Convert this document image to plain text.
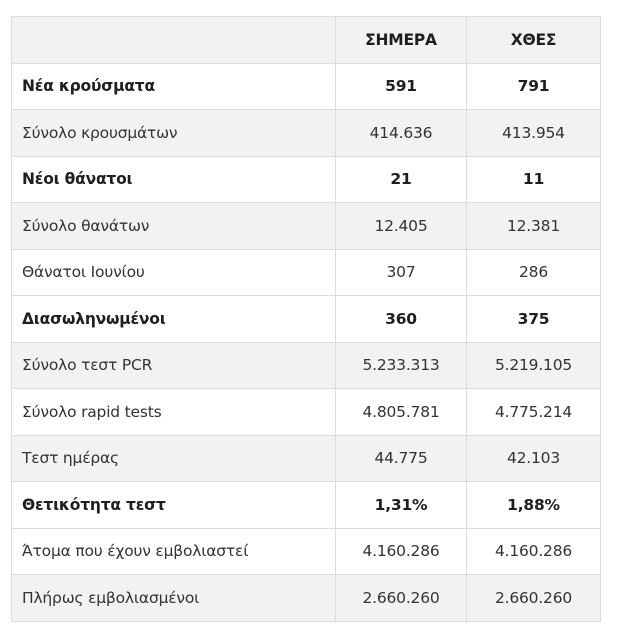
	ΣΗΜΕΡΑ	ΧΘΕΣ
Νέα κρούσματα	591	791
Σύνολο κρουσμάτων	414.636	413.954
Νέοι θάνατοι	21	11
Σύνολο θανάτων	12.405	12.381
Θάνατοι Ιουνίου	307	286
Διασωληνωμένοι	360	375
Σύνολο τεστ PCR	5.233.313	5.219.105
Σύνολο rapid tests	4.805.781	4.775.214
Τεστ ημέρας	44.775	42.103
Θετικότητα τεστ	1,31%	1,88%
Άτομα που έχουν εμβολιαστεί	4.160.286	4.160.286
Πλήρως εμβολιασμένοι	2.660.260	2.660.260
